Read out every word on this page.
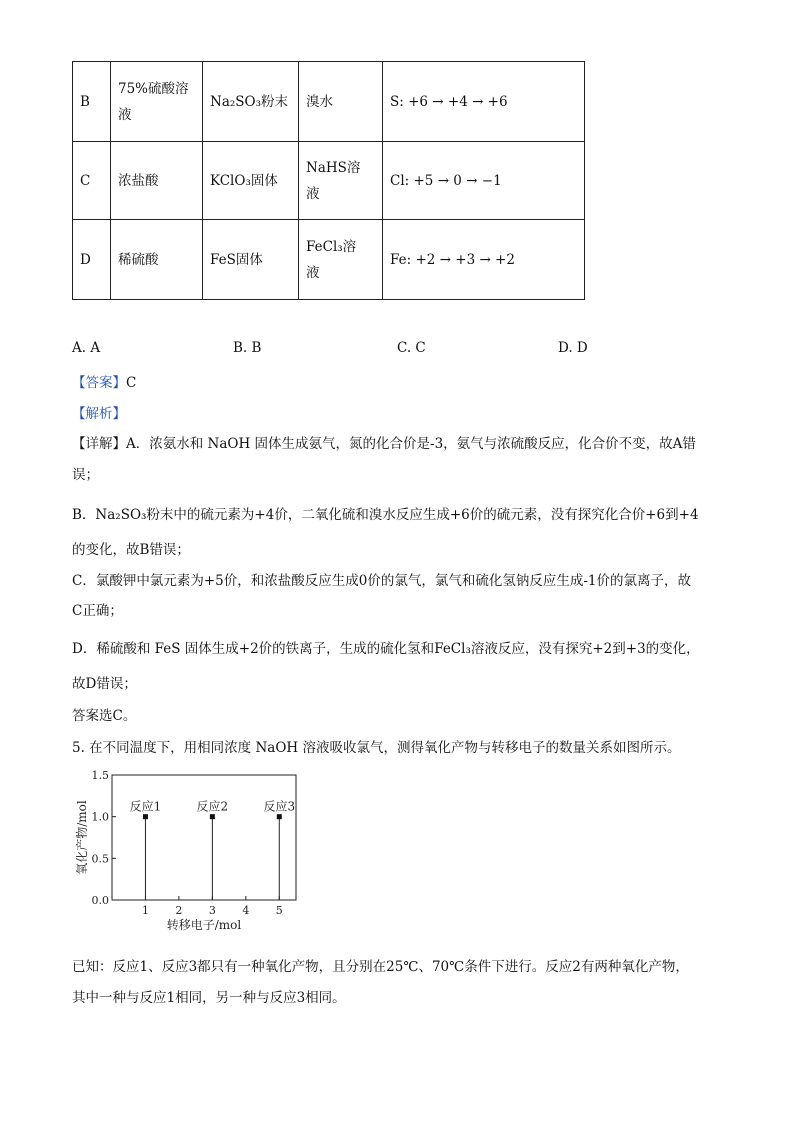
B	75%硫酸溶液	Na₂SO₃粉末	溴水	S: +6 → +4 → +6
C	浓盐酸	KClO₃固体	NaHS溶液	Cl: +5 → 0 → −1
D	稀硫酸	FeS固体	FeCl₃溶液	Fe: +2 → +3 → +2
A. A	B. B	C. C	D. D
【答案】C
【解析】
【详解】A．浓氨水和 NaOH 固体生成氨气，氮的化合价是-3，氨气与浓硫酸反应，化合价不变，故A错
误；
B．Na₂SO₃粉末中的硫元素为+4价，二氧化硫和溴水反应生成+6价的硫元素，没有探究化合价+6到+4
的变化，故B错误；
C．氯酸钾中氯元素为+5价，和浓盐酸反应生成0价的氯气，氯气和硫化氢钠反应生成-1价的氯离子，故
C正确；
D．稀硫酸和 FeS 固体生成+2价的铁离子，生成的硫化氢和FeCl₃溶液反应，没有探究+2到+3的变化，
故D错误；
答案选C。
5. 在不同温度下，用相同浓度 NaOH 溶液吸收氯气，测得氧化产物与转移电子的数量关系如图所示。
0.0
0.5
1.0
1.5
1 2 3 4 5
转移电子/mol
氧化产物/mol	反应1	反应2	反应3
已知：反应1、反应3都只有一种氧化产物，且分别在25℃、70℃条件下进行。反应2有两种氧化产物，
其中一种与反应1相同，另一种与反应3相同。
